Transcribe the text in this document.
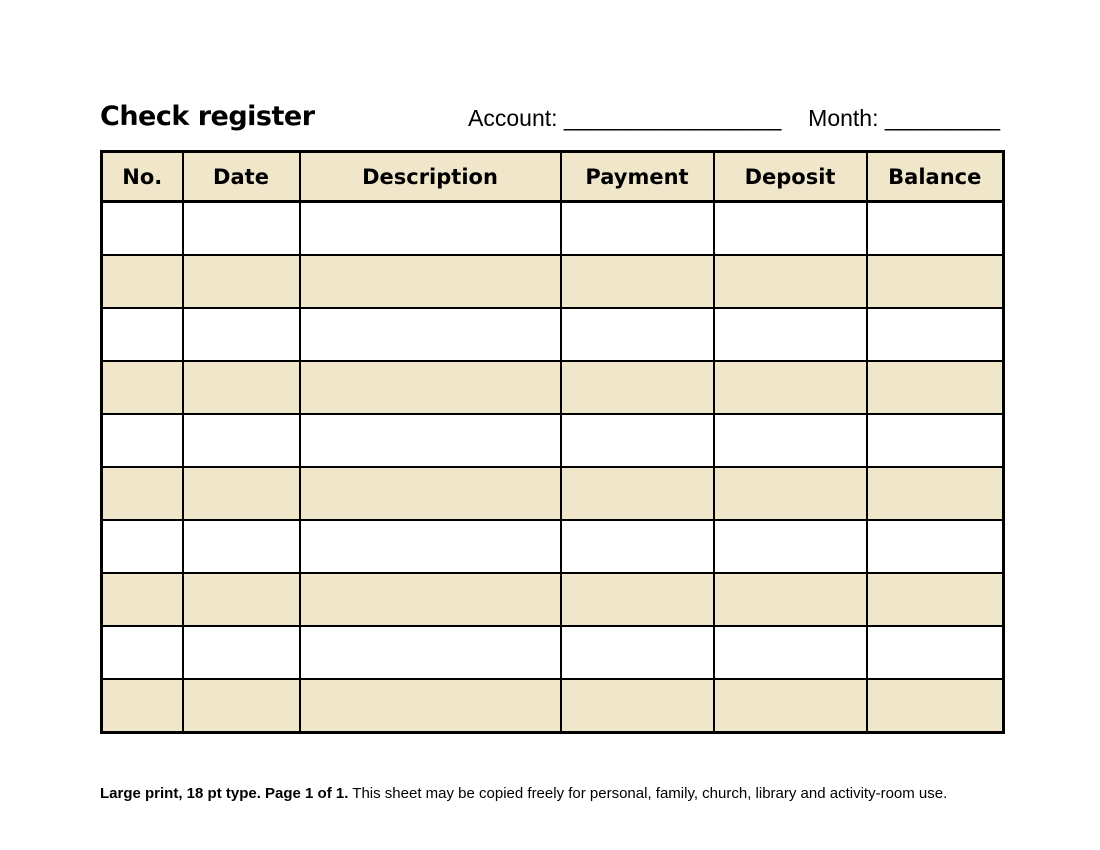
Check register	Account: _________________ Month: _________
No.	Date	Description	Payment	Deposit	Balance

Large print, 18 pt type. Page 1 of 1. This sheet may be copied freely for personal, family, church, library and activity-room use.
